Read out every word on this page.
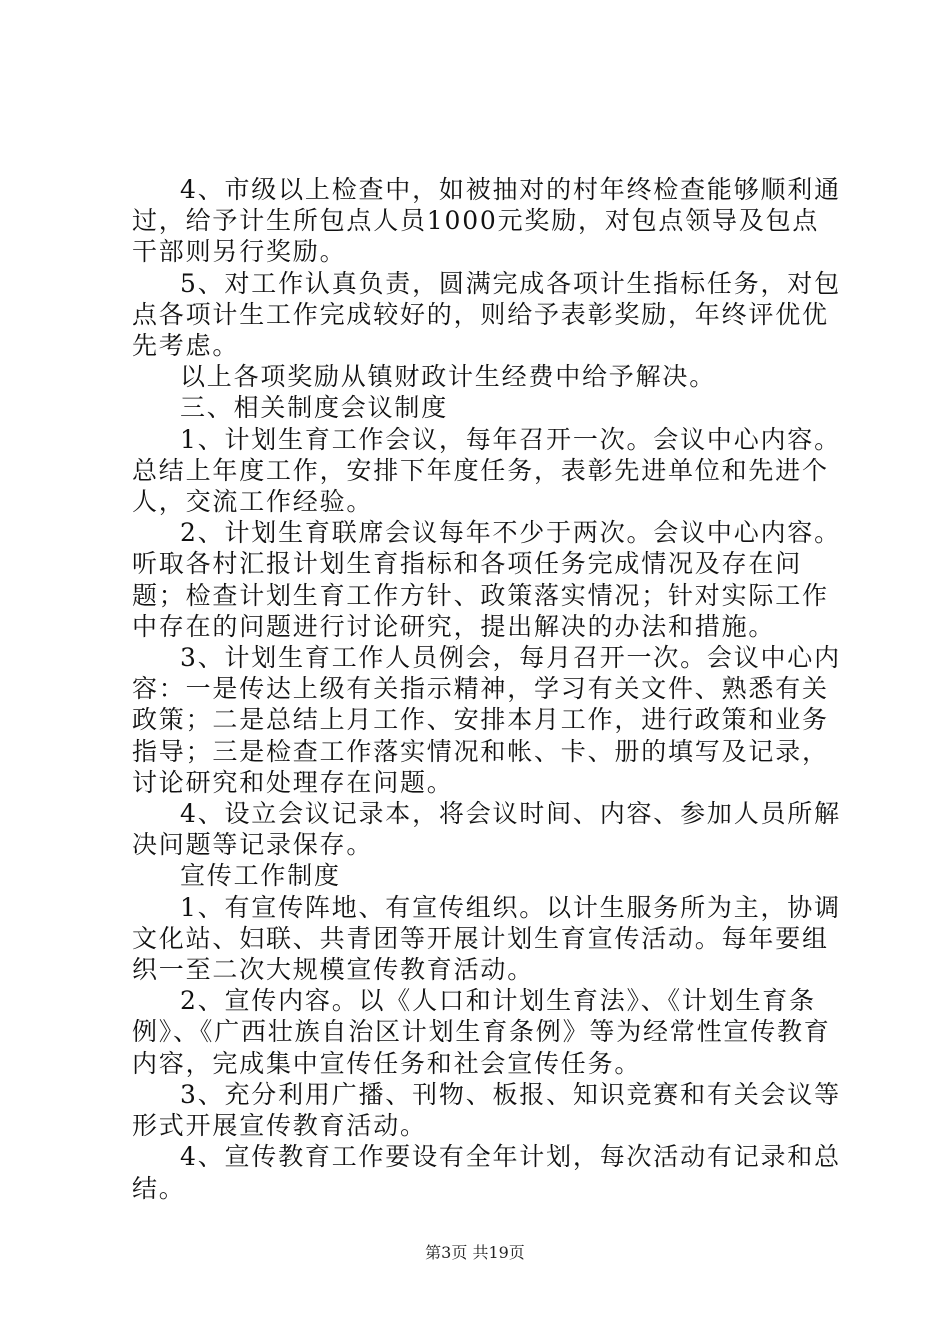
4、市级以上检查中，如被抽对的村年终检查能够顺利通过，给予计生所包点人员1000元奖励，对包点领导及包点干部则另行奖励。

5、对工作认真负责，圆满完成各项计生指标任务，对包点各项计生工作完成较好的，则给予表彰奖励，年终评优优先考虑。

以上各项奖励从镇财政计生经费中给予解决。

三、相关制度会议制度

1、计划生育工作会议，每年召开一次。会议中心内容。总结上年度工作，安排下年度任务，表彰先进单位和先进个人，交流工作经验。

2、计划生育联席会议每年不少于两次。会议中心内容。听取各村汇报计划生育指标和各项任务完成情况及存在问题；检查计划生育工作方针、政策落实情况；针对实际工作中存在的问题进行讨论研究，提出解决的办法和措施。

3、计划生育工作人员例会，每月召开一次。会议中心内容：一是传达上级有关指示精神，学习有关文件、熟悉有关政策；二是总结上月工作、安排本月工作，进行政策和业务指导；三是检查工作落实情况和帐、卡、册的填写及记录，讨论研究和处理存在问题。

4、设立会议记录本，将会议时间、内容、参加人员所解决问题等记录保存。

宣传工作制度

1、有宣传阵地、有宣传组织。以计生服务所为主，协调文化站、妇联、共青团等开展计划生育宣传活动。每年要组织一至二次大规模宣传教育活动。

2、宣传内容。以《人口和计划生育法》、《计划生育条例》、《广西壮族自治区计划生育条例》等为经常性宣传教育内容，完成集中宣传任务和社会宣传任务。

3、充分利用广播、刊物、板报、知识竞赛和有关会议等形式开展宣传教育活动。

4、宣传教育工作要设有全年计划，每次活动有记录和总结。

第3页 共19页
